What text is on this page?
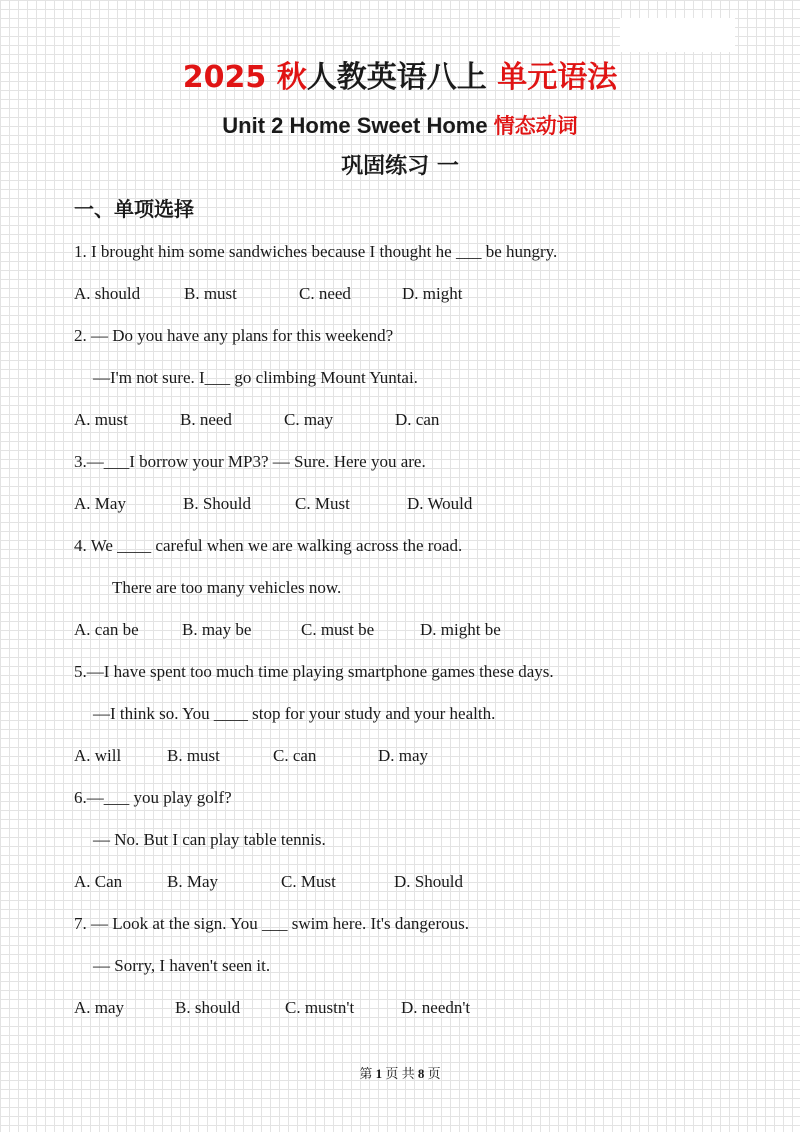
2025 秋人教英语八上 单元语法
Unit 2 Home Sweet Home 情态动词
巩固练习 一
一、单项选择
1. I brought him some sandwiches because I thought he ___ be hungry.
A. should	B. must	C. need	D. might
2. — Do you have any plans for this weekend?
—I'm not sure. I___ go climbing Mount Yuntai.
A. must	B. need	C. may	D. can
3.—___I borrow your MP3? — Sure. Here you are.
A. May	B. Should	C. Must	D. Would
4. We ____ careful when we are walking across the road.
There are too many vehicles now.
A. can be	B. may be	C. must be	D. might be
5.—I have spent too much time playing smartphone games these days.
—I think so. You ____ stop for your study and your health.
A. will	B. must	C. can	D. may
6.—___ you play golf?
— No. But I can play table tennis.
A. Can	B. May	C. Must	D. Should
7. — Look at the sign. You ___ swim here. It's dangerous.
— Sorry, I haven't seen it.
A. may	B. should	C. mustn't	D. needn't
第 1 页 共 8 页
